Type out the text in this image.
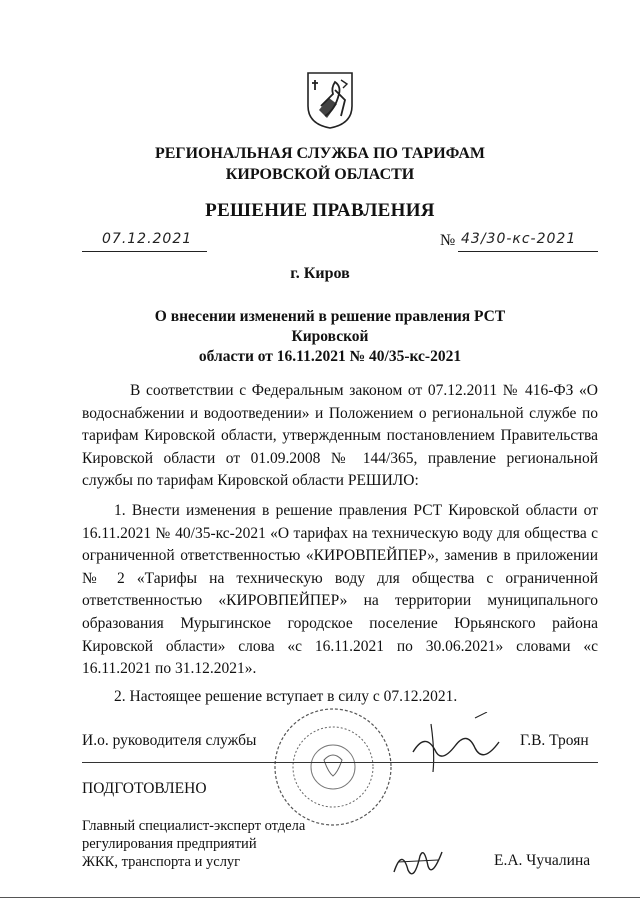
РЕГИОНАЛЬНАЯ СЛУЖБА ПО ТАРИФАМ
КИРОВСКОЙ ОБЛАСТИ
РЕШЕНИЕ ПРАВЛЕНИЯ
07.12.2021	№ 43/30-кс-2021
г. Киров
О внесении изменений в решение правления РСТ Кировской
области от 16.11.2021 № 40/35-кс-2021
В соответствии с Федеральным законом от 07.12.2011 № 416-ФЗ «О водоснабжении и водоотведении» и Положением о региональной службе по тарифам Кировской области, утвержденным постановлением Правительства Кировской области от 01.09.2008 № 144/365, правление региональной службы по тарифам Кировской области РЕШИЛО:
1. Внести изменения в решение правления РСТ Кировской области от 16.11.2021 № 40/35-кс-2021 «О тарифах на техническую воду для общества с ограниченной ответственностью «КИРОВПЕЙПЕР», заменив в приложении № 2 «Тарифы на техническую воду для общества с ограниченной ответственностью «КИРОВПЕЙПЕР» на территории муниципального образования Мурыгинское городское поселение Юрьянского района Кировской области» слова «с 16.11.2021 по 30.06.2021» словами «с 16.11.2021 по 31.12.2021».
2. Настоящее решение вступает в силу с 07.12.2021.
И.о. руководителя службы	Г.В. Троян
ПОДГОТОВЛЕНО
Главный специалист-эксперт отдела
регулирования предприятий
ЖКК, транспорта и услуг	Е.А. Чучалина
